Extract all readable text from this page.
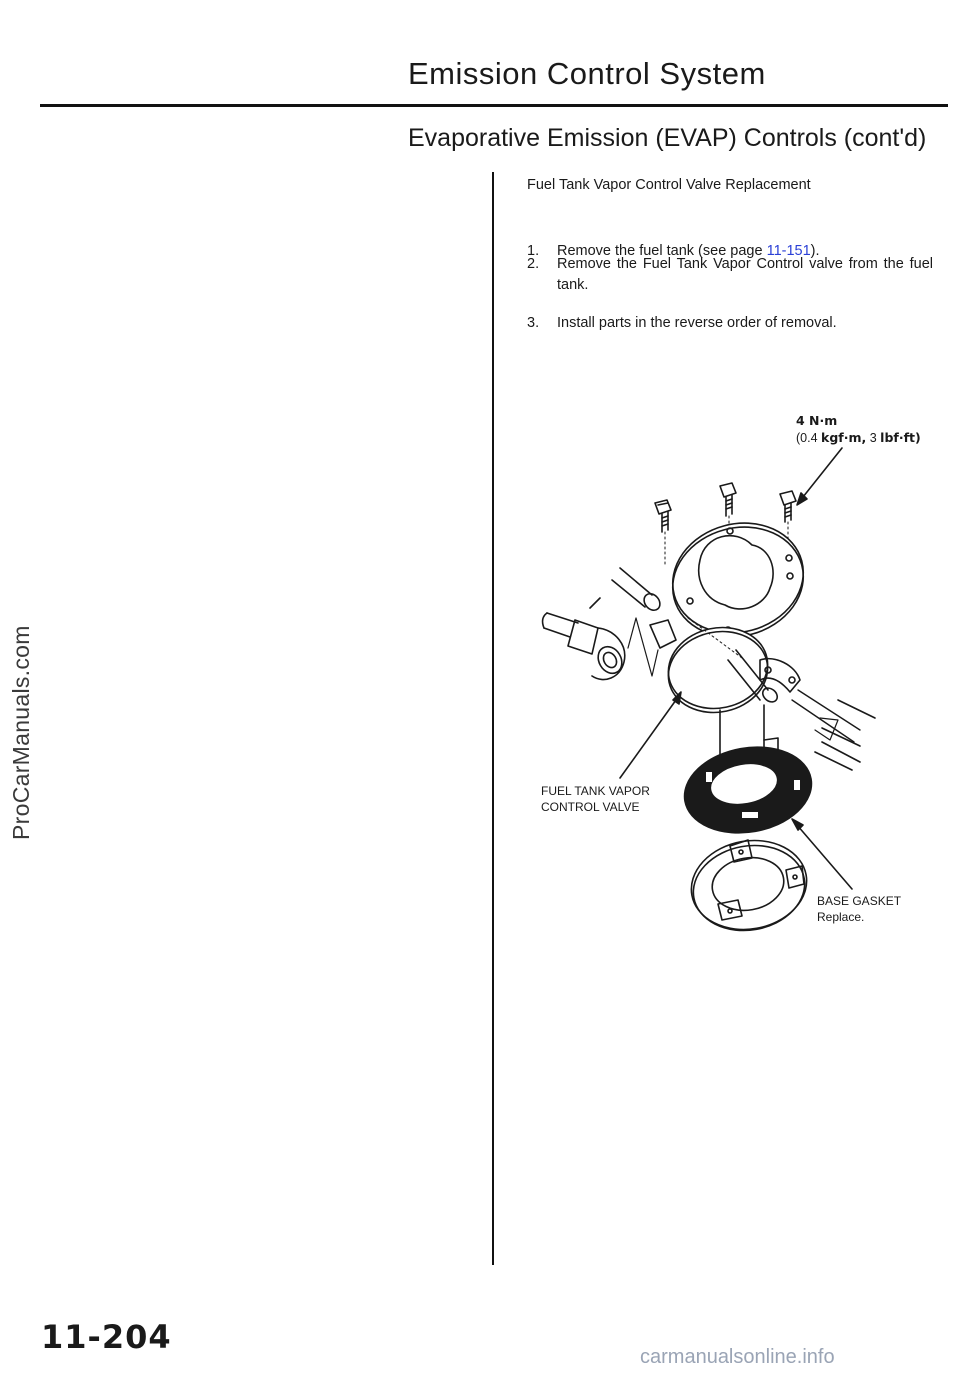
Emission Control System
Evaporative Emission (EVAP) Controls (cont'd)
Fuel Tank Vapor Control Valve Replacement
1. Remove the fuel tank (see page 11-151).
2. Remove the Fuel Tank Vapor Control valve from the fuel tank.
3. Install parts in the reverse order of removal.
4 N·m
(0.4 kgf·m, 3 lbf·ft)
FUEL TANK VAPOR
CONTROL VALVE
BASE GASKET
Replace.
ProCarManuals.com
11-204
carmanualsonline.info
